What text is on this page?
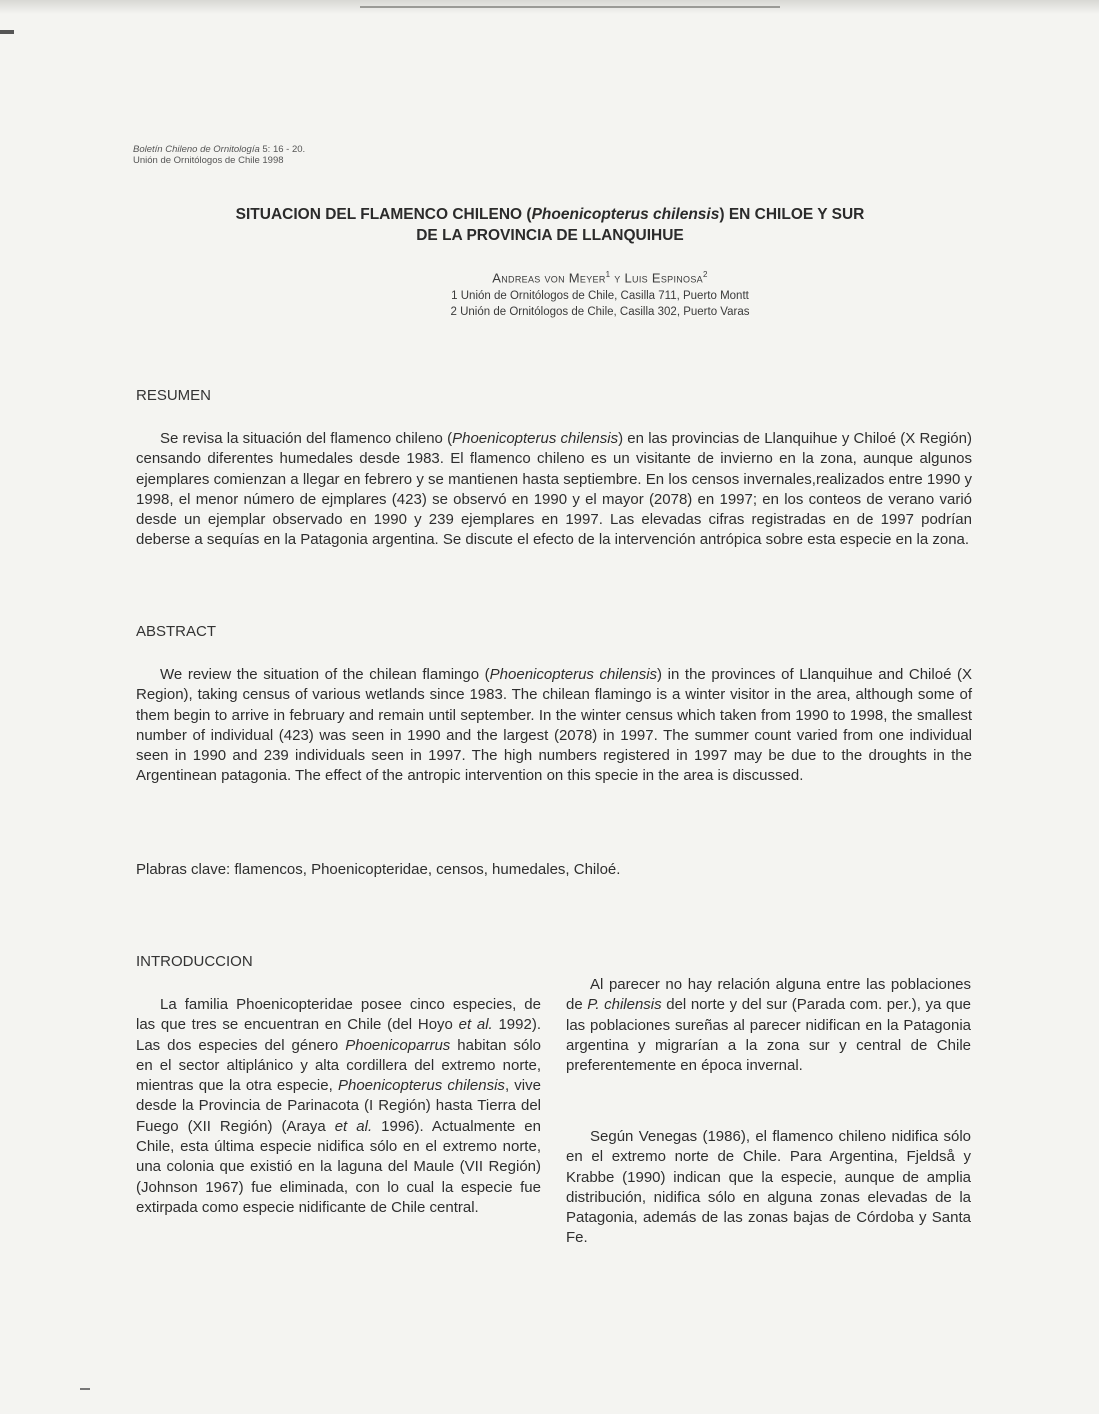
Boletín Chileno de Ornitología 5: 16 - 20.
Unión de Ornitólogos de Chile 1998
SITUACION DEL FLAMENCO CHILENO (Phoenicopterus chilensis) EN CHILOE Y SUR
DE LA PROVINCIA DE LLANQUIHUE
Andreas von Meyer$^1$ y Luis Espinosa$^2$
1 Unión de Ornitólogos de Chile, Casilla 711, Puerto Montt
2 Unión de Ornitólogos de Chile, Casilla 302, Puerto Varas
RESUMEN

Se revisa la situación del flamenco chileno (Phoenicopterus chilensis) en las provincias de Llanquihue y Chiloé (X Región) censando diferentes humedales desde 1983. El flamenco chileno es un visitante de invierno en la zona, aunque algunos ejemplares comienzan a llegar en febrero y se mantienen hasta septiembre. En los censos invernales,realizados entre 1990 y 1998, el menor número de ejmplares (423) se observó en 1990 y el mayor (2078) en 1997; en los conteos de verano varió desde un ejemplar observado en 1990 y 239 ejemplares en 1997. Las elevadas cifras registradas en de 1997 podrían deberse a sequías en la Patagonia argentina. Se discute el efecto de la intervención antrópica sobre esta especie en la zona.

ABSTRACT

We review the situation of the chilean flamingo (Phoenicopterus chilensis) in the provinces of Llanquihue and Chiloé (X Region), taking census of various wetlands since 1983. The chilean flamingo is a winter visitor in the area, although some of them begin to arrive in february and remain until september. In the winter census which taken from 1990 to 1998, the smallest number of individual (423) was seen in 1990 and the largest (2078) in 1997. The summer count varied from one individual seen in 1990 and 239 individuals seen in 1997. The high numbers registered in 1997 may be due to the droughts in the Argentinean patagonia. The effect of the antropic intervention on this specie in the area is discussed.

Plabras clave: flamencos, Phoenicopteridae, censos, humedales, Chiloé.

INTRODUCCION

La familia Phoenicopteridae posee cinco especies, de las que tres se encuentran en Chile (del Hoyo et al. 1992). Las dos especies del género Phoenicoparrus habitan sólo en el sector altiplánico y alta cordillera del extremo norte, mientras que la otra especie, Phoenicopterus chilensis, vive desde la Provincia de Parinacota (I Región) hasta Tierra del Fuego (XII Región) (Araya et al. 1996). Actualmente en Chile, esta última especie nidifica sólo en el extremo norte, una colonia que existió en la laguna del Maule (VII Región) (Johnson 1967) fue eliminada, con lo cual la especie fue extirpada como especie nidificante de Chile central.

Al parecer no hay relación alguna entre las poblaciones de P. chilensis del norte y del sur (Parada com. per.), ya que las poblaciones sureñas al parecer nidifican en la Patagonia argentina y migrarían a la zona sur y central de Chile preferentemente en época invernal.

Según Venegas (1986), el flamenco chileno nidifica sólo en el extremo norte de Chile. Para Argentina, Fjeldså y Krabbe (1990) indican que la especie, aunque de amplia distribución, nidifica sólo en alguna zonas elevadas de la Patagonia, además de las zonas bajas de Córdoba y Santa Fe.
